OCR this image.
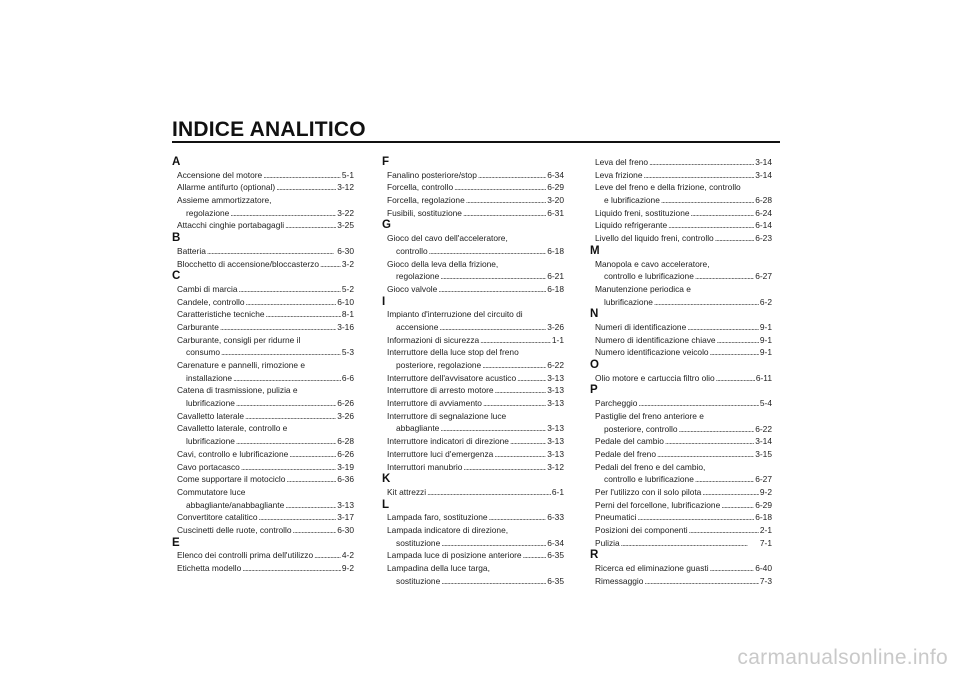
INDICE ANALITICO
A
Accensione del motore . . .	5-1
Allarme antifurto (optional) . . .	3-12
Assieme ammortizzatore,
regolazione . . .	3-22
Attacchi cinghie portabagagli . . .	3-25
B
Batteria . . .	6-30
Blocchetto di accensione/bloccasterzo . . .	3-2
C
Cambi di marcia . . .	5-2
Candele, controllo . . .	6-10
Caratteristiche tecniche . . .	8-1
Carburante . . .	3-16
Carburante, consigli per ridurne il
consumo . . .	5-3
Carenature e pannelli, rimozione e
installazione . . .	6-6
Catena di trasmissione, pulizia e
lubrificazione . . .	6-26
Cavalletto laterale . . .	3-26
Cavalletto laterale, controllo e
lubrificazione . . .	6-28
Cavi, controllo e lubrificazione . . .	6-26
Cavo portacasco . . .	3-19
Come supportare il motociclo . . .	6-36
Commutatore luce
abbagliante/anabbagliante . . .	3-13
Convertitore catalitico . . .	3-17
Cuscinetti delle ruote, controllo . . .	6-30
E
Elenco dei controlli prima dell'utilizzo . . .	4-2
Etichetta modello . . .	9-2
F
Fanalino posteriore/stop . . .	6-34
Forcella, controllo . . .	6-29
Forcella, regolazione . . .	3-20
Fusibili, sostituzione . . .	6-31
G
Gioco del cavo dell'acceleratore,
controllo . . .	6-18
Gioco della leva della frizione,
regolazione . . .	6-21
Gioco valvole . . .	6-18
I
Impianto d'interruzione del circuito di
accensione . . .	3-26
Informazioni di sicurezza . . .	1-1
Interruttore della luce stop del freno
posteriore, regolazione . . .	6-22
Interruttore dell'avvisatore acustico . . .	3-13
Interruttore di arresto motore . . .	3-13
Interruttore di avviamento . . .	3-13
Interruttore di segnalazione luce
abbagliante . . .	3-13
Interruttore indicatori di direzione . . .	3-13
Interruttore luci d'emergenza . . .	3-13
Interruttori manubrio . . .	3-12
K
Kit attrezzi . . .	6-1
L
Lampada faro, sostituzione . . .	6-33
Lampada indicatore di direzione,
sostituzione . . .	6-34
Lampada luce di posizione anteriore . . .	6-35
Lampadina della luce targa,
sostituzione . . .	6-35
Leva del freno . . .	3-14
Leva frizione . . .	3-14
Leve del freno e della frizione, controllo
e lubrificazione . . .	6-28
Liquido freni, sostituzione . . .	6-24
Liquido refrigerante . . .	6-14
Livello del liquido freni, controllo . . .	6-23
M
Manopola e cavo acceleratore,
controllo e lubrificazione . . .	6-27
Manutenzione periodica e
lubrificazione . . .	6-2
N
Numeri di identificazione . . .	9-1
Numero di identificazione chiave . . .	9-1
Numero identificazione veicolo . . .	9-1
O
Olio motore e cartuccia filtro olio . . .	6-11
P
Parcheggio . . .	5-4
Pastiglie del freno anteriore e
posteriore, controllo . . .	6-22
Pedale del cambio . . .	3-14
Pedale del freno . . .	3-15
Pedali del freno e del cambio,
controllo e lubrificazione . . .	6-27
Per l'utilizzo con il solo pilota . . .	9-2
Perni del forcellone, lubrificazione . . .	6-29
Pneumatici . . .	6-18
Posizioni dei componenti . . .	2-1
Pulizia . . .	7-1
R
Ricerca ed eliminazione guasti . . .	6-40
Rimessaggio . . .	7-3
carmanualsonline.info
